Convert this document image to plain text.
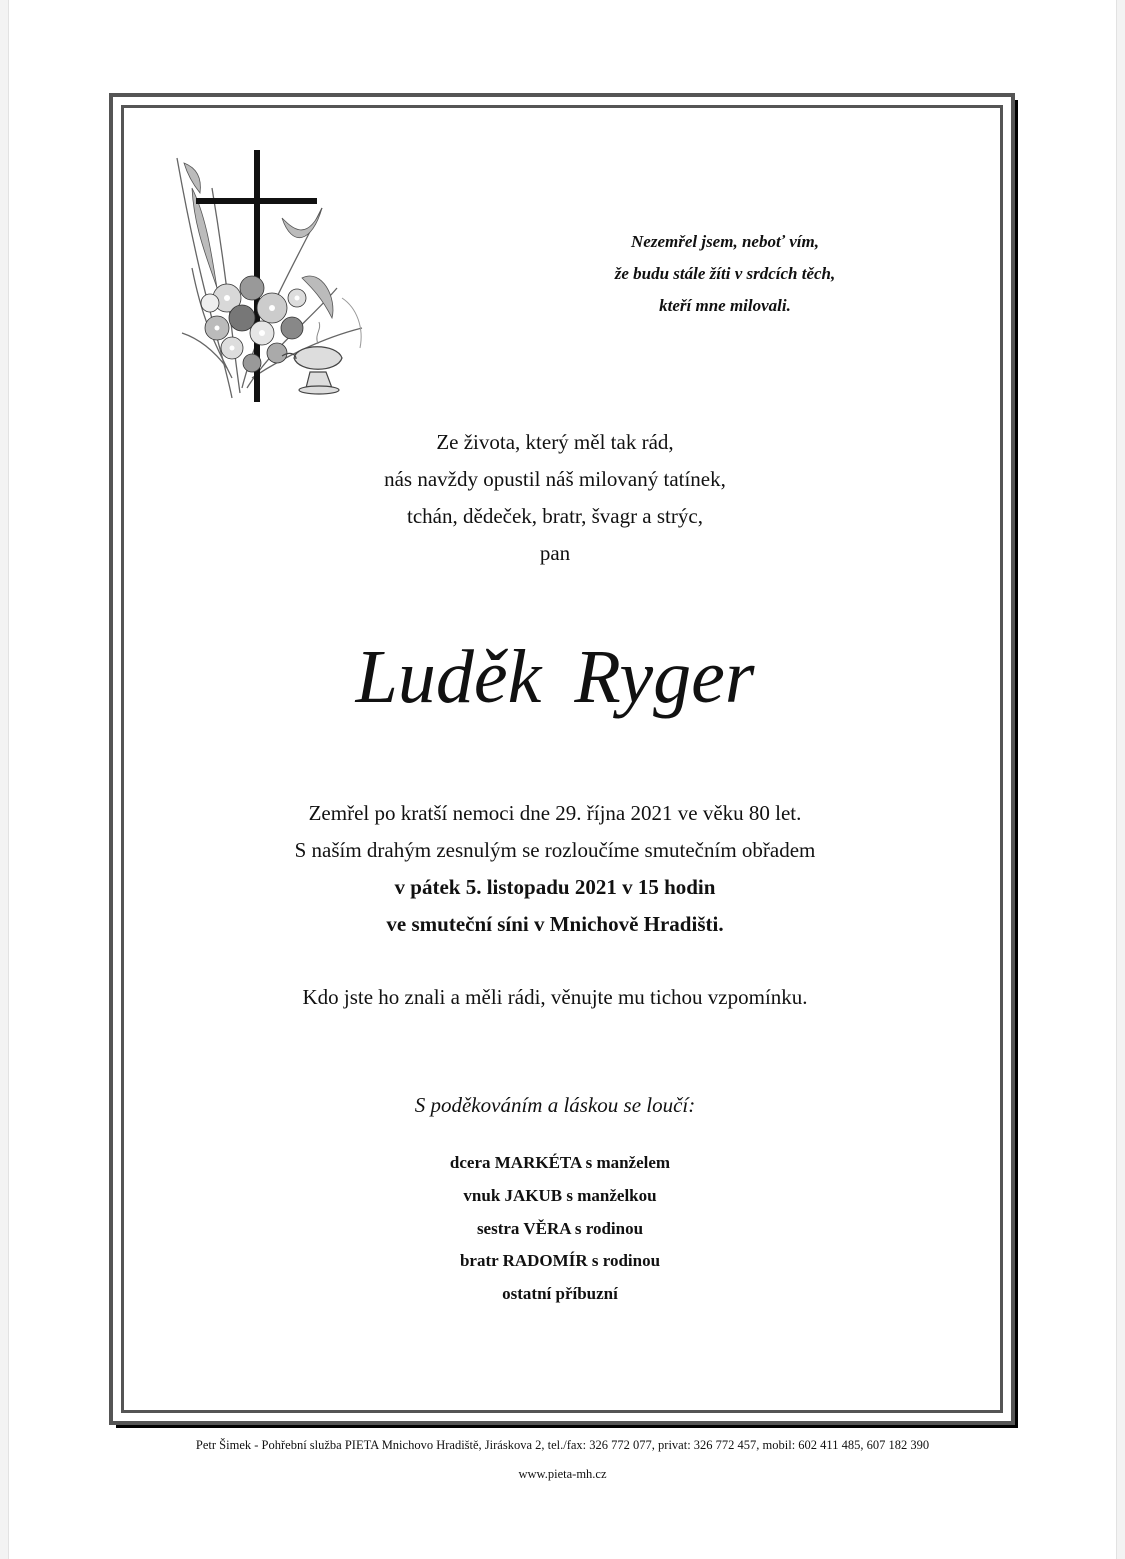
Nezemřel jsem, neboť vím,
že budu stále žíti v srdcích těch,
kteří mne milovali.
Ze života, který měl tak rád,
nás navždy opustil náš milovaný tatínek,
tchán, dědeček, bratr, švagr a strýc,
pan
Luděk Ryger
Zemřel po kratší nemoci dne 29. října 2021 ve věku 80 let.
S naším drahým zesnulým se rozloučíme smutečním obřadem
v pátek 5. listopadu 2021 v 15 hodin
ve smuteční síni v Mnichově Hradišti.
Kdo jste ho znali a měli rádi, věnujte mu tichou vzpomínku.
S poděkováním a láskou se loučí:
dcera MARKÉTA s manželem
vnuk JAKUB s manželkou
sestra VĚRA s rodinou
bratr RADOMÍR s rodinou
ostatní příbuzní
Petr Šimek - Pohřební služba PIETA Mnichovo Hradiště, Jiráskova 2, tel./fax: 326 772 077, privat: 326 772 457, mobil: 602 411 485, 607 182 390
www.pieta-mh.cz
